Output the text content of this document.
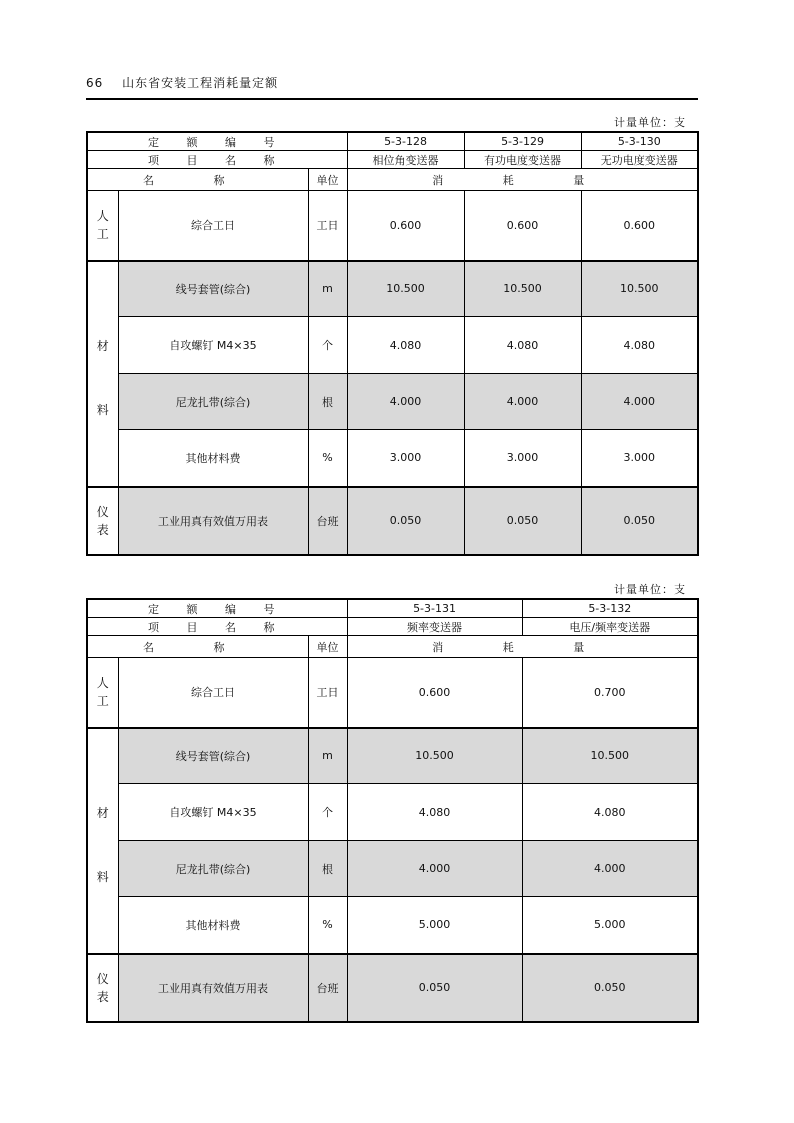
66 山东省安装工程消耗量定额
计量单位：支
定 额 编 号			5-3-128	5-3-129	5-3-130
项 目 名 称			相位角变送器	有功电度变送器	无功电度变送器
名 称		单位	消 耗 量		
人工	综合工日	工日	0.600	0.600	0.600

材
料	线号套管(综合)	m	10.500	10.500	10.500
	自攻螺钉 M4×35	个	4.080	4.080	4.080
	尼龙扎带(综合)	根	4.000	4.000	4.000
	其他材料费	%	3.000	3.000	3.000
仪表	工业用真有效值万用表	台班	0.050	0.050	0.050
计量单位：支
定 额 编 号			5-3-131	5-3-132
项 目 名 称			频率变送器	电压/频率变送器
名 称		单位	消 耗 量	
人工	综合工日	工日	0.600	0.700

材
料	线号套管(综合)	m	10.500	10.500
	自攻螺钉 M4×35	个	4.080	4.080
	尼龙扎带(综合)	根	4.000	4.000
	其他材料费	%	5.000	5.000
仪表	工业用真有效值万用表	台班	0.050	0.050
